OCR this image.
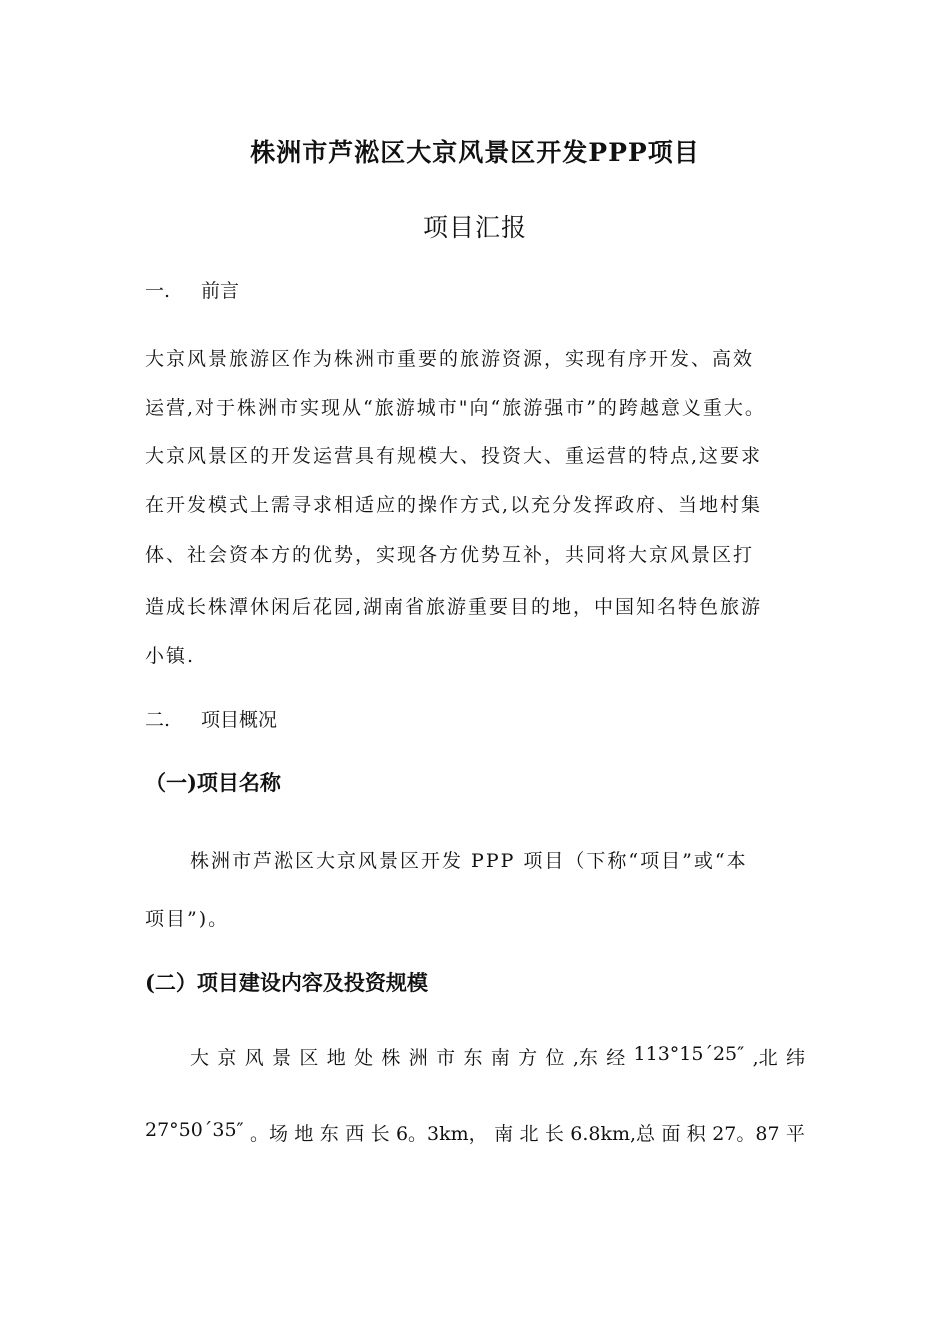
株洲市芦淞区大京风景区开发PPP项目
项目汇报
一. 前言

大京风景旅游区作为株洲市重要的旅游资源，实现有序开发、高效

运营,对于株洲市实现从“旅游城市"向“旅游强市”的跨越意义重大。

大京风景区的开发运营具有规模大、投资大、重运营的特点,这要求

在开发模式上需寻求相适应的操作方式,以充分发挥政府、当地村集

体、社会资本方的优势，实现各方优势互补，共同将大京风景区打

造成长株潭休闲后花园,湖南省旅游重要目的地，中国知名特色旅游

小镇.

二. 项目概况
（一)项目名称

株洲市芦淞区大京风景区开发 PPP 项目（下称“项目”或“本

项目”)。

(二）项目建设内容及投资规模
大 京 风 景 区 地 处 株 洲 市 东 南 方 位 ,东 经 113°15´25″ ,北 纬
27°50´35″ 。场 地 东 西 长 6。3km， 南 北 长 6.8km,总 面 积 27。87 平
